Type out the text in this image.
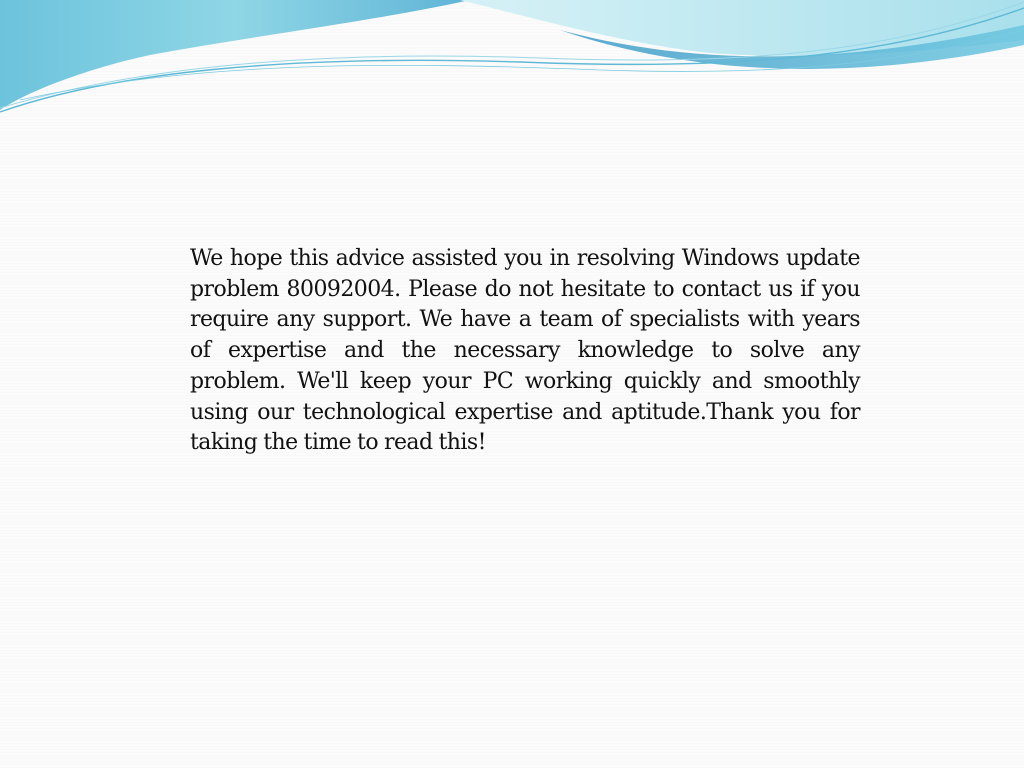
We hope this advice assisted you in resolving Windows update problem 80092004. Please do not hesitate to contact us if you require any support. We have a team of specialists with years of expertise and the necessary knowledge to solve any problem. We'll keep your PC working quickly and smoothly using our technological expertise and aptitude.Thank you for taking the time to read this!
